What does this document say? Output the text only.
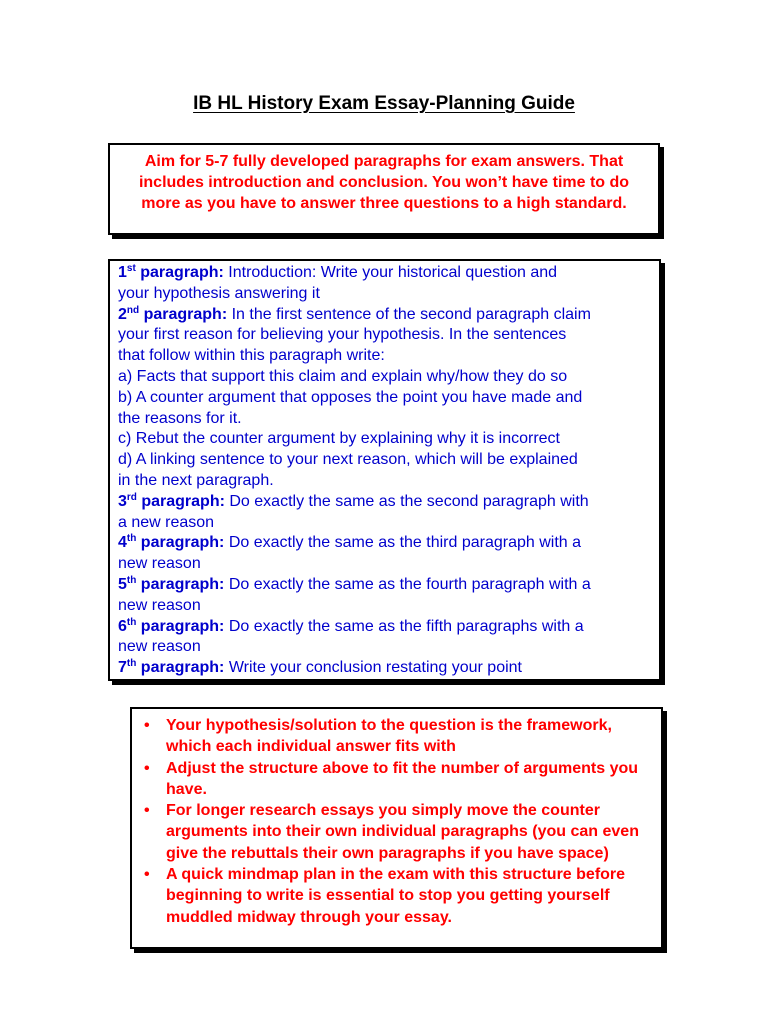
IB HL History Exam Essay-Planning Guide
Aim for 5-7 fully developed paragraphs for exam answers. That includes introduction and conclusion. You won’t have time to do more as you have to answer three questions to a high standard.
1st paragraph: Introduction: Write your historical question and
your hypothesis answering it
2nd paragraph: In the first sentence of the second paragraph claim
your first reason for believing your hypothesis. In the sentences
that follow within this paragraph write:
a) Facts that support this claim and explain why/how they do so
b) A counter argument that opposes the point you have made and
the reasons for it.
c) Rebut the counter argument by explaining why it is incorrect
d) A linking sentence to your next reason, which will be explained
in the next paragraph.
3rd paragraph: Do exactly the same as the second paragraph with
a new reason
4th paragraph: Do exactly the same as the third paragraph with a
new reason
5th paragraph: Do exactly the same as the fourth paragraph with a
new reason
6th paragraph: Do exactly the same as the fifth paragraphs with a
new reason
7th paragraph: Write your conclusion restating your point
• Your hypothesis/solution to the question is the framework, which each individual answer fits with
• Adjust the structure above to fit the number of arguments you have.
• For longer research essays you simply move the counter arguments into their own individual paragraphs (you can even give the rebuttals their own paragraphs if you have space)
• A quick mindmap plan in the exam with this structure before beginning to write is essential to stop you getting yourself muddled midway through your essay.
